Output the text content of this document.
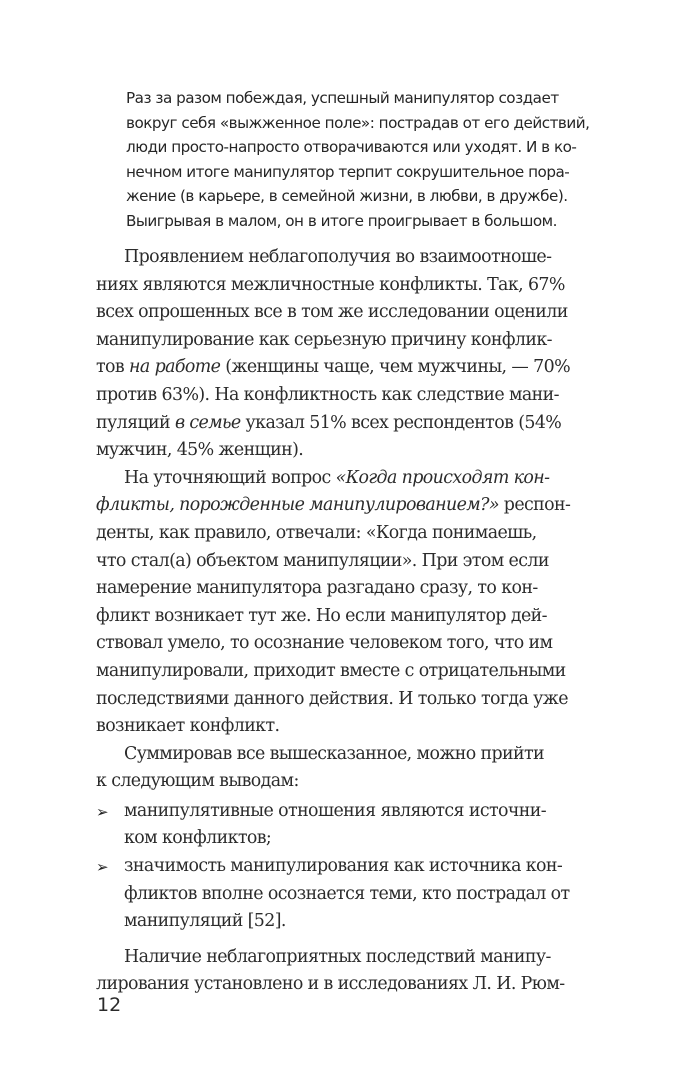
Раз за разом побеждая, успешный манипулятор создает
вокруг себя «выжженное поле»: пострадав от его действий,
люди просто-напросто отворачиваются или уходят. И в ко-
нечном итоге манипулятор терпит сокрушительное пора-
жение (в карьере, в семейной жизни, в любви, в дружбе).
Выигрывая в малом, он в итоге проигрывает в большом.
Проявлением неблагополучия во взаимоотноше-
ниях являются межличностные конфликты. Так, 67%
всех опрошенных все в том же исследовании оценили
манипулирование как серьезную причину конфлик-
тов на работе (женщины чаще, чем мужчины, — 70%
против 63%). На конфликтность как следствие мани-
пуляций в семье указал 51% всех респондентов (54%
мужчин, 45% женщин).
На уточняющий вопрос «Когда происходят кон-
фликты, порожденные манипулированием?» респон-
денты, как правило, отвечали: «Когда понимаешь,
что стал(а) объектом манипуляции». При этом если
намерение манипулятора разгадано сразу, то кон-
фликт возникает тут же. Но если манипулятор дей-
ствовал умело, то осознание человеком того, что им
манипулировали, приходит вместе с отрицательными
последствиями данного действия. И только тогда уже
возникает конфликт.
Суммировав все вышесказанное, можно прийти
к следующим выводам:
➢ манипулятивные отношения являются источни-
ком конфликтов;
➢ значимость манипулирования как источника кон-
фликтов вполне осознается теми, кто пострадал от
манипуляций [52].
Наличие неблагоприятных последствий манипу-
лирования установлено и в исследованиях Л. И. Рюм-
12
